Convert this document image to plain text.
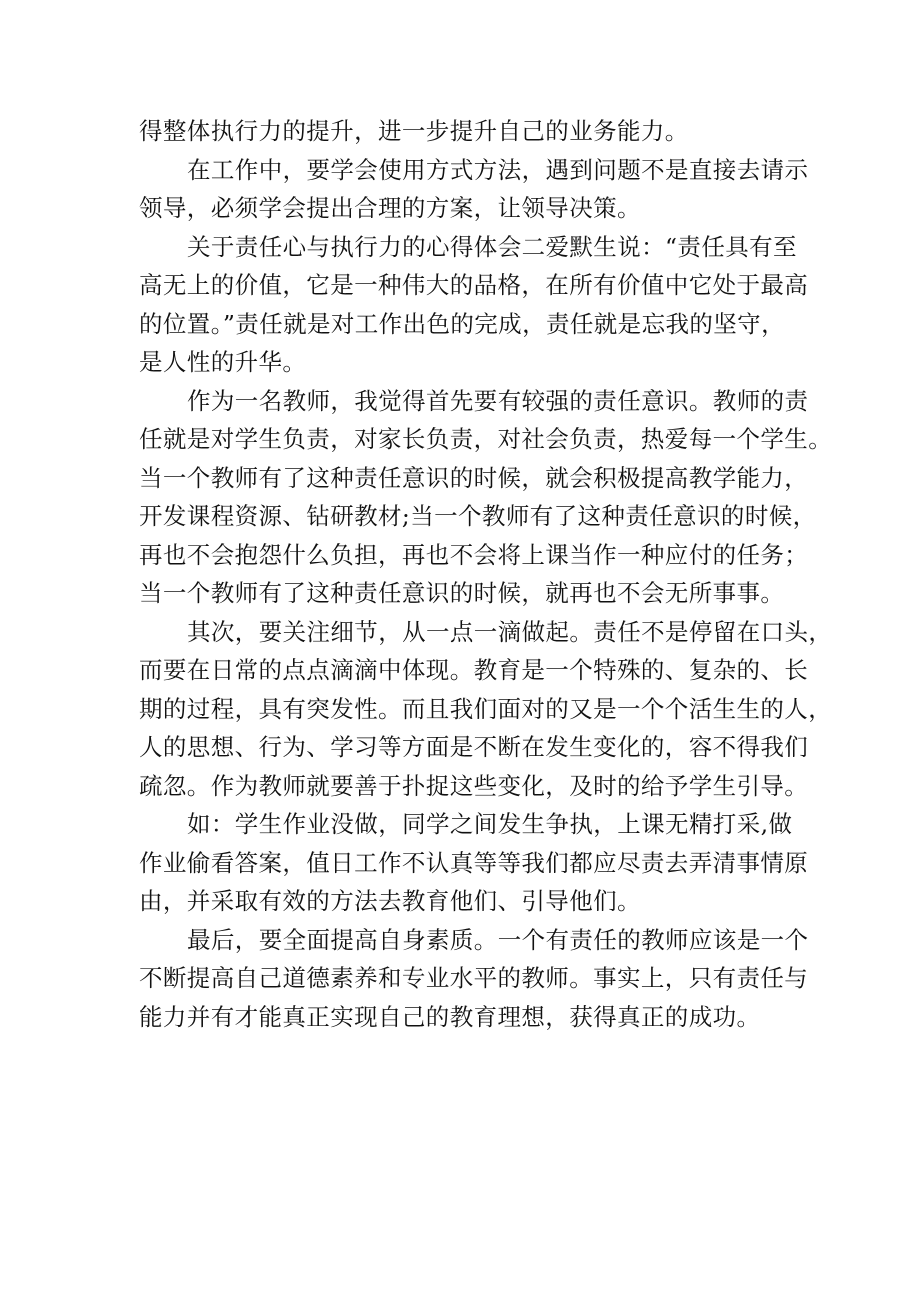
得整体执行力的提升，进一步提升自己的业务能力。
在工作中，要学会使用方式方法，遇到问题不是直接去请示
领导，必须学会提出合理的方案，让领导决策。
关于责任心与执行力的心得体会二爱默生说：“责任具有至
高无上的价值，它是一种伟大的品格，在所有价值中它处于最高
的位置。”责任就是对工作出色的完成，责任就是忘我的坚守，
是人性的升华。
作为一名教师，我觉得首先要有较强的责任意识。教师的责
任就是对学生负责，对家长负责，对社会负责，热爱每一个学生。
当一个教师有了这种责任意识的时候，就会积极提高教学能力，
开发课程资源、钻研教材;当一个教师有了这种责任意识的时候，
再也不会抱怨什么负担，再也不会将上课当作一种应付的任务；
当一个教师有了这种责任意识的时候，就再也不会无所事事。
其次，要关注细节，从一点一滴做起。责任不是停留在口头，
而要在日常的点点滴滴中体现。教育是一个特殊的、复杂的、长
期的过程，具有突发性。而且我们面对的又是一个个活生生的人，
人的思想、行为、学习等方面是不断在发生变化的，容不得我们
疏忽。作为教师就要善于扑捉这些变化，及时的给予学生引导。
如：学生作业没做，同学之间发生争执，上课无精打采,做
作业偷看答案，值日工作不认真等等我们都应尽责去弄清事情原
由，并采取有效的方法去教育他们、引导他们。
最后，要全面提高自身素质。一个有责任的教师应该是一个
不断提高自己道德素养和专业水平的教师。事实上，只有责任与
能力并有才能真正实现自己的教育理想，获得真正的成功。
